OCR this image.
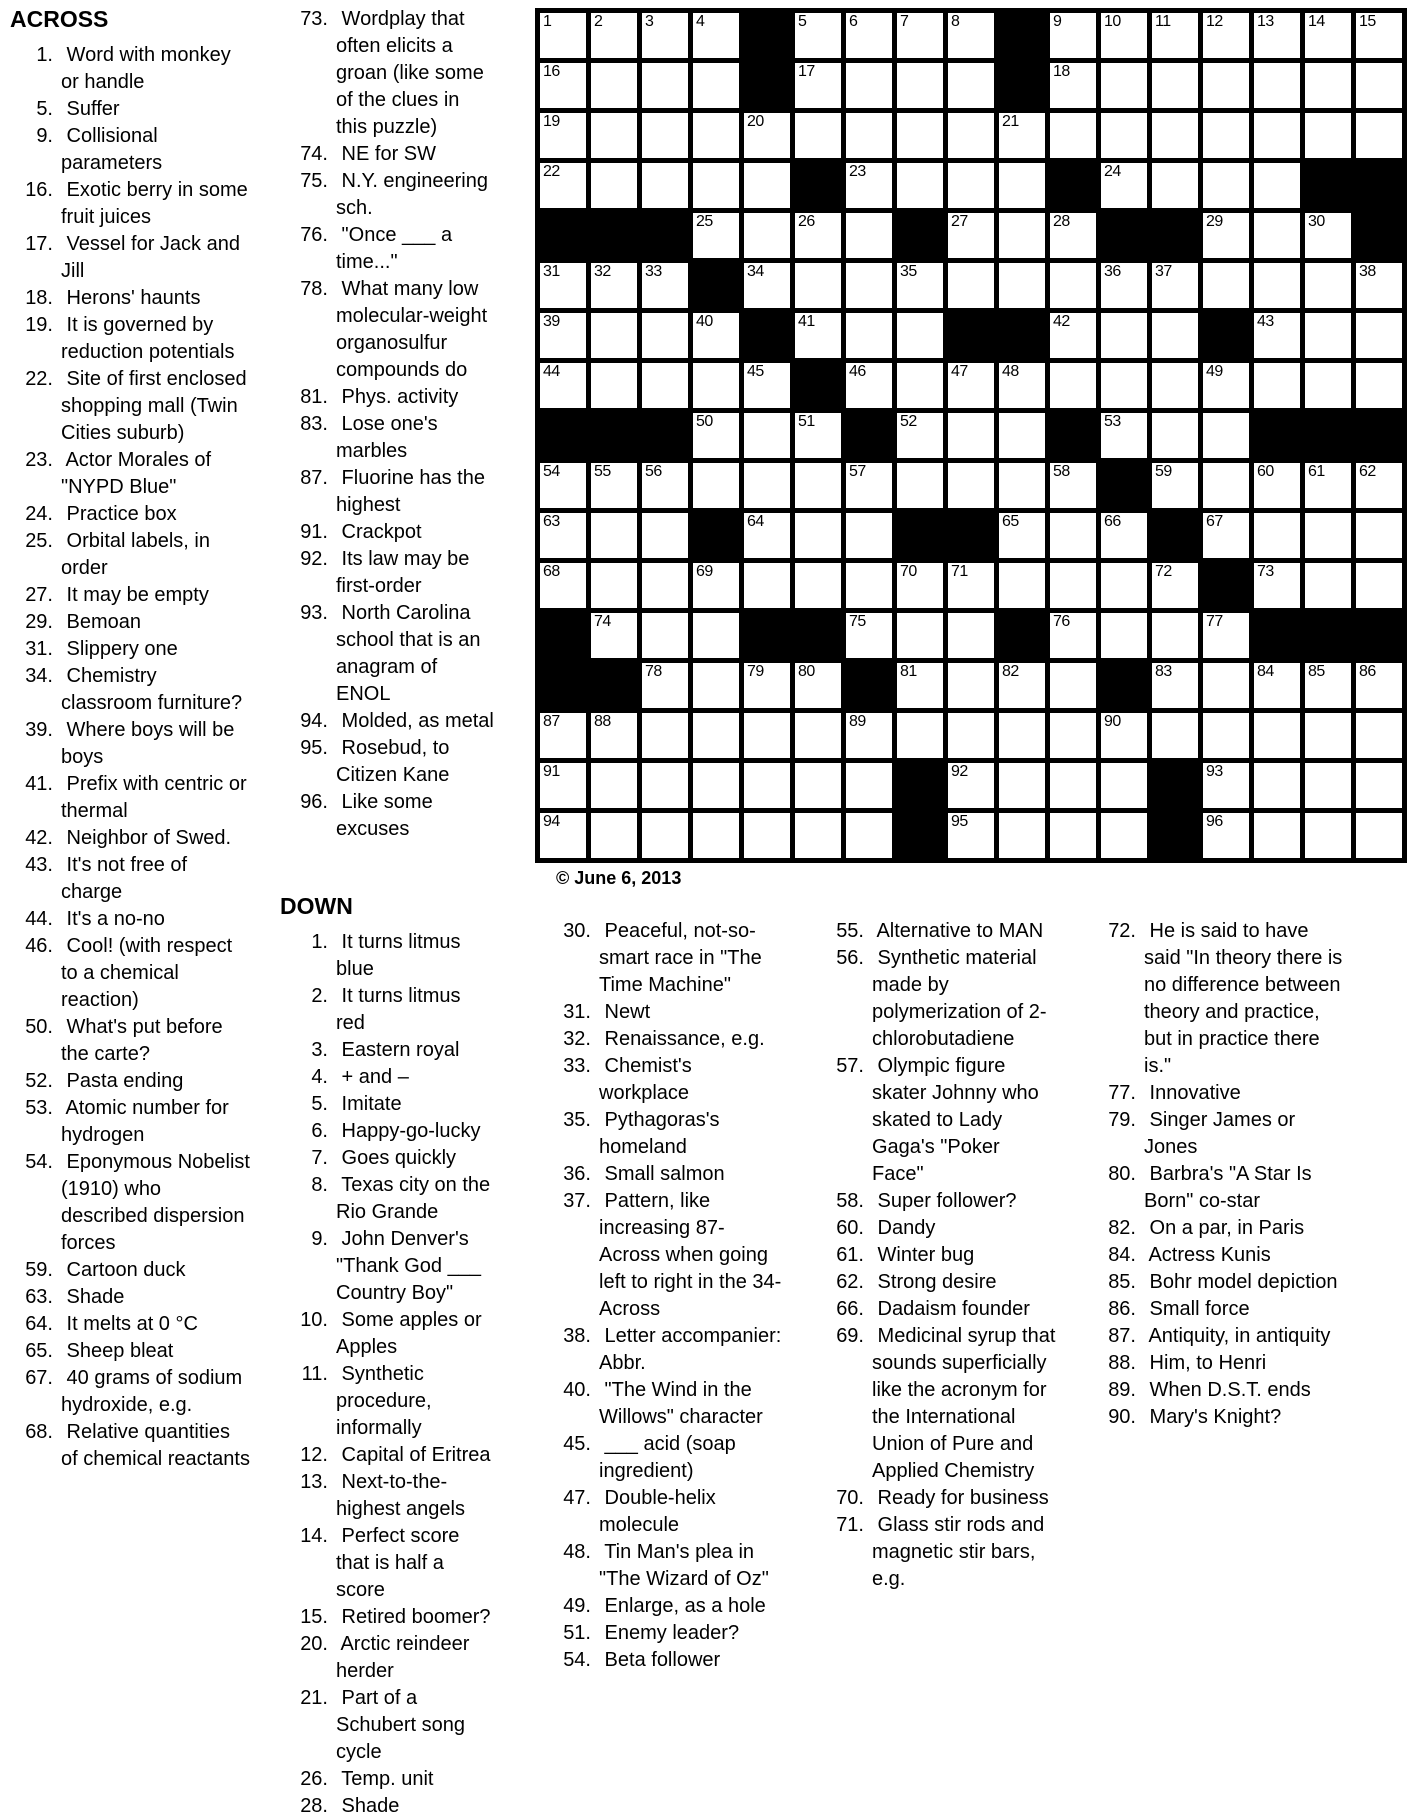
ACROSS
1. Word with monkey or handle
5. Suffer
9. Collisional parameters
16. Exotic berry in some fruit juices
17. Vessel for Jack and Jill
18. Herons' haunts
19. It is governed by reduction potentials
22. Site of first enclosed shopping mall (Twin Cities suburb)
23. Actor Morales of "NYPD Blue"
24. Practice box
25. Orbital labels, in order
27. It may be empty
29. Bemoan
31. Slippery one
34. Chemistry classroom furniture?
39. Where boys will be boys
41. Prefix with centric or thermal
42. Neighbor of Swed.
43. It's not free of charge
44. It's a no-no
46. Cool! (with respect to a chemical reaction)
50. What's put before the carte?
52. Pasta ending
53. Atomic number for hydrogen
54. Eponymous Nobelist (1910) who described dispersion forces
59. Cartoon duck
63. Shade
64. It melts at 0 °C
65. Sheep bleat
67. 40 grams of sodium hydroxide, e.g.
68. Relative quantities of chemical reactants
73. Wordplay that often elicits a groan (like some of the clues in this puzzle)
74. NE for SW
75. N.Y. engineering sch.
76. "Once ___ a time..."
78. What many low molecular-weight organosulfur compounds do
81. Phys. activity
83. Lose one's marbles
87. Fluorine has the highest
91. Crackpot
92. Its law may be first-order
93. North Carolina school that is an anagram of ENOL
94. Molded, as metal
95. Rosebud, to Citizen Kane
96. Like some excuses
DOWN
1. It turns litmus blue
2. It turns litmus red
3. Eastern royal
4. + and –
5. Imitate
6. Happy-go-lucky
7. Goes quickly
8. Texas city on the Rio Grande
9. John Denver's "Thank God ___ Country Boy"
10. Some apples or Apples
11. Synthetic procedure, informally
12. Capital of Eritrea
13. Next-to-the-highest angels
14. Perfect score that is half a score
15. Retired boomer?
20. Arctic reindeer herder
21. Part of a Schubert song cycle
26. Temp. unit
28. Shade
1	2	3	4	5	6	7	8	9	10 11 12 13 14 15
16	17	18
19	20	21
22	23	24
25	26	27	28	29	30
31 32 33	34	35	36 37	38
39	40	41	42	43
44	45	46	47 48	49
50	51	52	53
54 55 56	57	58	59	60 61 62
63	64	65	66	67
68	69	70 71	72	73
74	75	76	77
78	79 80	81	82	83	84 85 86
87 88	89	90
91	92	93
94	95	96
© June 6, 2013
30. Peaceful, not-so-smart race in "The Time Machine"
31. Newt
32. Renaissance, e.g.
33. Chemist's workplace
35. Pythagoras's homeland
36. Small salmon
37. Pattern, like increasing 87-Across when going left to right in the 34-Across
38. Letter accompanier: Abbr.
40. "The Wind in the Willows" character
45. ___ acid (soap ingredient)
47. Double-helix molecule
48. Tin Man's plea in "The Wizard of Oz"
49. Enlarge, as a hole
51. Enemy leader?
54. Beta follower
55. Alternative to MAN
56. Synthetic material made by polymerization of 2-chlorobutadiene
57. Olympic figure skater Johnny who skated to Lady Gaga's "Poker Face"
58. Super follower?
60. Dandy
61. Winter bug
62. Strong desire
66. Dadaism founder
69. Medicinal syrup that sounds superficially like the acronym for the International Union of Pure and Applied Chemistry
70. Ready for business
71. Glass stir rods and magnetic stir bars, e.g.
72. He is said to have said "In theory there is no difference between theory and practice, but in practice there is."
77. Innovative
79. Singer James or Jones
80. Barbra's "A Star Is Born" co-star
82. On a par, in Paris
84. Actress Kunis
85. Bohr model depiction
86. Small force
87. Antiquity, in antiquity
88. Him, to Henri
89. When D.S.T. ends
90. Mary's Knight?
